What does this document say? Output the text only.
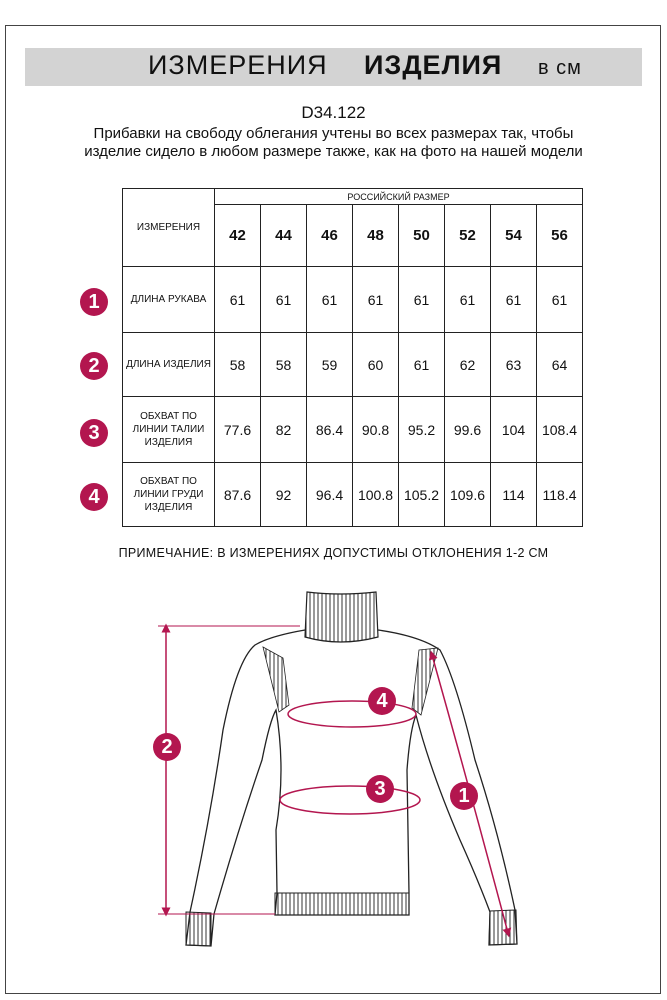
ИЗМЕРЕНИЯ ИЗДЕЛИЯ в см
D34.122
Прибавки на свободу облегания учтены во всех размерах так, чтобы изделие сидело в любом размере также, как на фото на нашей модели
ИЗМЕРЕНИЯ	РОССИЙСКИЙ РАЗМЕР							
	42	44	46	48	50	52	54	56
ДЛИНА РУКАВА	61	61	61	61	61	61	61	61
ДЛИНА ИЗДЕЛИЯ	58	58	59	60	61	62	63	64
ОБХВАТ ПО ЛИНИИ ТАЛИИ ИЗДЕЛИЯ	77.6	82	86.4	90.8	95.2	99.6	104	108.4
ОБХВАТ ПО ЛИНИИ ГРУДИ ИЗДЕЛИЯ	87.6	92	96.4	100.8	105.2	109.6	114	118.4
1
2
3
4
ПРИМЕЧАНИЕ: В ИЗМЕРЕНИЯХ ДОПУСТИМЫ ОТКЛОНЕНИЯ 1-2 СМ
2
3
4
1
